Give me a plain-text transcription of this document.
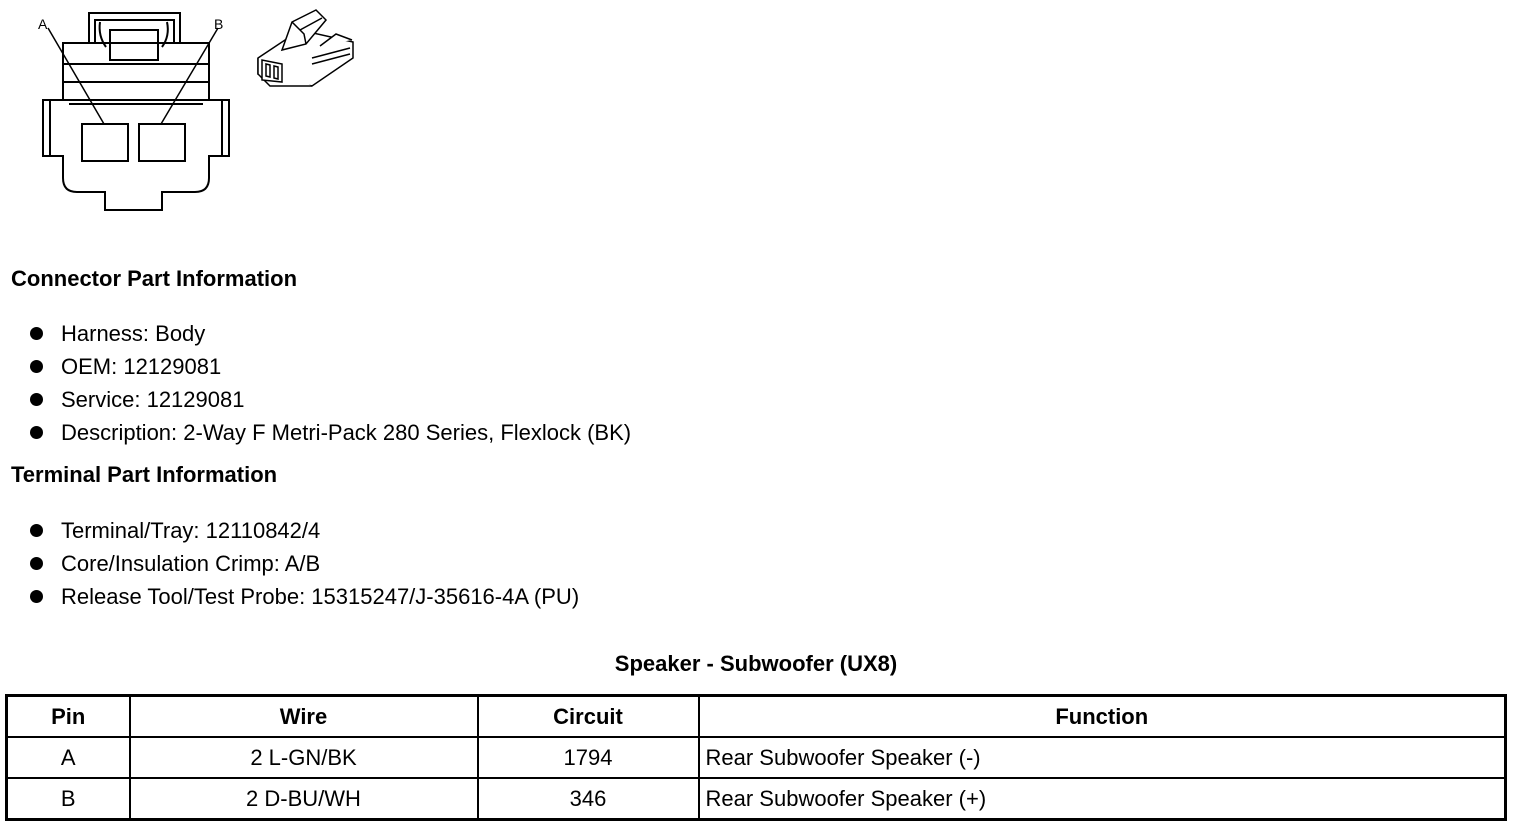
A	B
Connector Part Information
Harness: Body
OEM: 12129081
Service: 12129081
Description: 2-Way F Metri-Pack 280 Series, Flexlock (BK)
Terminal Part Information
Terminal/Tray: 12110842/4
Core/Insulation Crimp: A/B
Release Tool/Test Probe: 15315247/J-35616-4A (PU)
Speaker - Subwoofer (UX8)
Pin	Wire	Circuit	Function
A	2 L-GN/BK	1794	Rear Subwoofer Speaker (-)
B	2 D-BU/WH	346	Rear Subwoofer Speaker (+)
